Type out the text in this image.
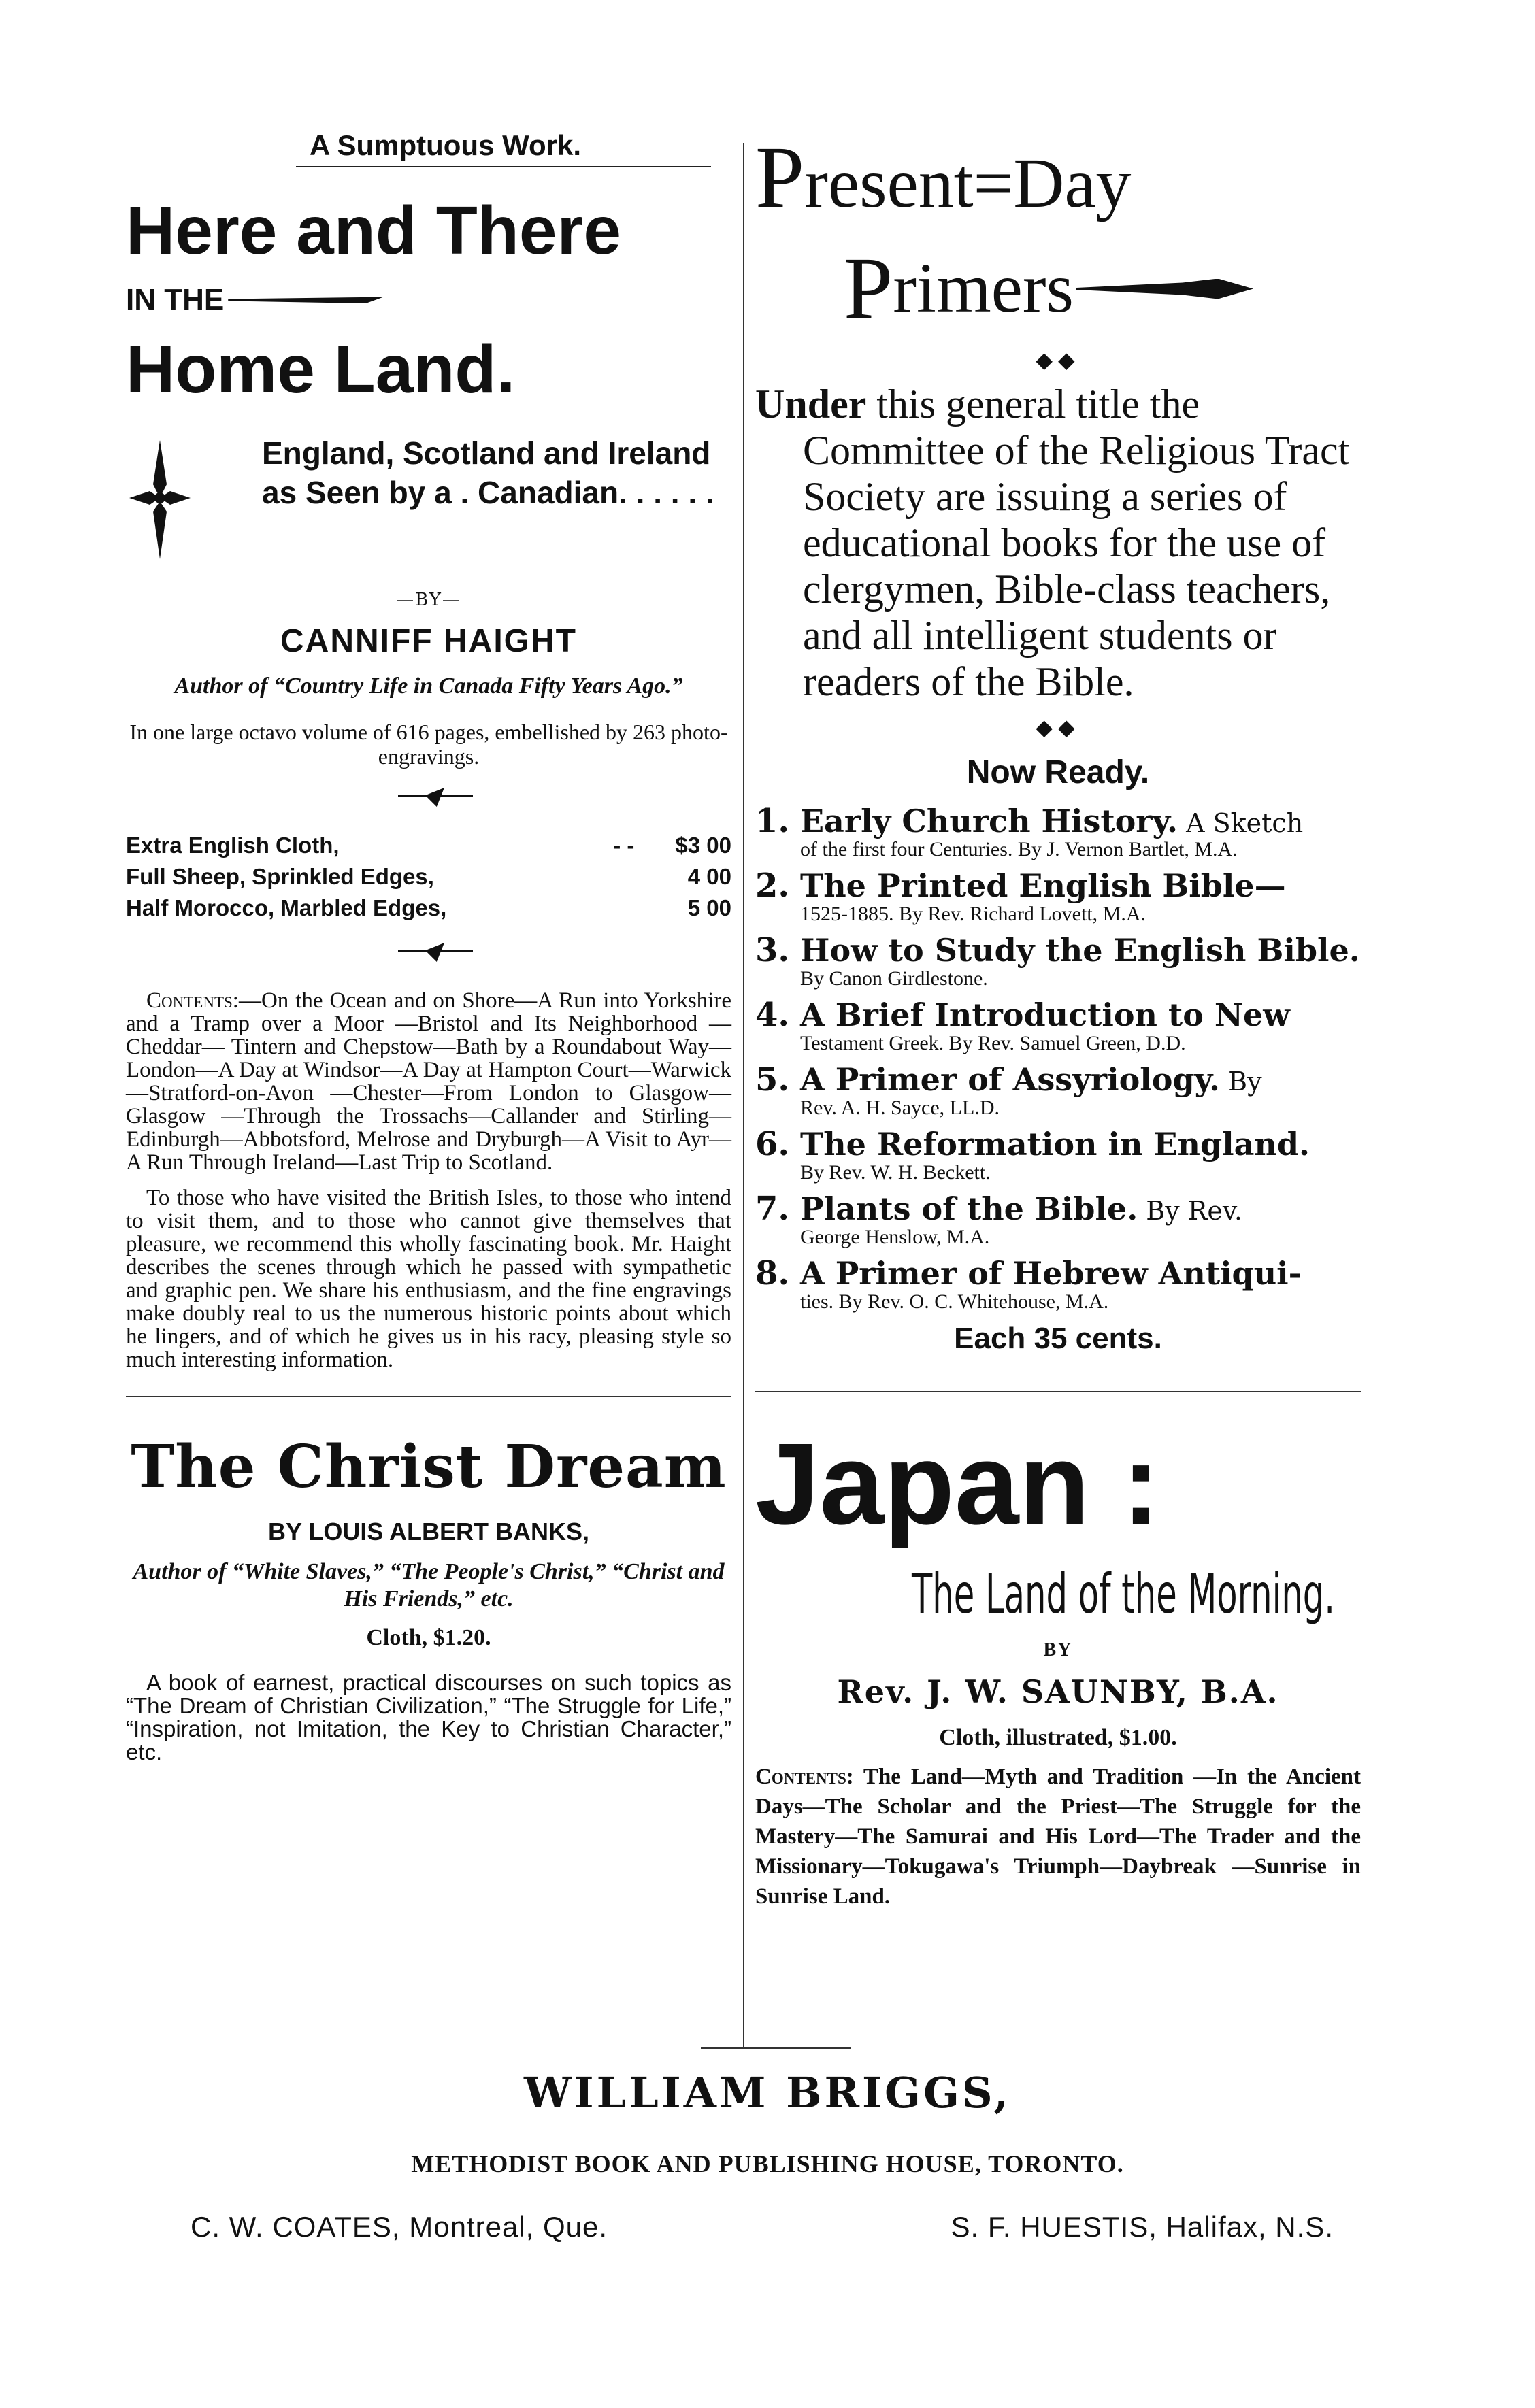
A Sumptuous Work.
Here and There
IN THE
Home Land.
England, Scotland and Ireland as Seen by a . Canadian. . . . . .
—BY—
CANNIFF HAIGHT
Author of “Country Life in Canada Fifty Years Ago.”
In one large octavo volume of 616 pages, embellished by 263 photo-engravings.
Extra English Cloth,	- - $3 00
Full Sheep, Sprinkled Edges,	4 00
Half Morocco, Marbled Edges,	5 00
Contents:—On the Ocean and on Shore—A Run into Yorkshire and a Tramp over a Moor —Bristol and Its Neighborhood — Cheddar— Tintern and Chepstow—Bath by a Roundabout Way—London—A Day at Windsor—A Day at Hampton Court—Warwick—Stratford-on-Avon —Chester—From London to Glasgow—Glasgow —Through the Trossachs—Callander and Stirling—Edinburgh—Abbotsford, Melrose and Dryburgh—A Visit to Ayr—A Run Through Ireland—Last Trip to Scotland.
To those who have visited the British Isles, to those who intend to visit them, and to those who cannot give themselves that pleasure, we recommend this wholly fascinating book. Mr. Haight describes the scenes through which he passed with sympathetic and graphic pen. We share his enthusiasm, and the fine engravings make doubly real to us the numerous historic points about which he lingers, and of which he gives us in his racy, pleasing style so much interesting information.
The Christ Dream
BY LOUIS ALBERT BANKS,
Author of “White Slaves,” “The People's Christ,” “Christ and His Friends,” etc.
Cloth, $1.20.
A book of earnest, practical discourses on such topics as “The Dream of Christian Civilization,” “The Struggle for Life,” “Inspiration, not Imitation, the Key to Christian Character,” etc.
Present=Day
P rimers
◆◆
Under this general title the Committee of the Religious Tract Society are issuing a series of educational books for the use of clergymen, Bible-class teachers, and all intelligent students or readers of the Bible.
◆◆
Now Ready.
1. Early Church History. A Sketch
of the first four Centuries. By J. Vernon Bartlet, M.A.
2. The Printed English Bible—
1525-1885. By Rev. Richard Lovett, M.A.
3. How to Study the English Bible.
By Canon Girdlestone.
4. A Brief Introduction to New
Testament Greek. By Rev. Samuel Green, D.D.
5. A Primer of Assyriology. By
Rev. A. H. Sayce, LL.D.
6. The Reformation in England.
By Rev. W. H. Beckett.
7. Plants of the Bible. By Rev.
George Henslow, M.A.
8. A Primer of Hebrew Antiqui-
ties. By Rev. O. C. Whitehouse, M.A.
Each 35 cents.
Japan :
The Land of the Morning.
BY
Rev. J. W. SAUNBY, B.A.
Cloth, illustrated, $1.00.
Contents: The Land—Myth and Tradition —In the Ancient Days—The Scholar and the Priest—The Struggle for the Mastery—The Samurai and His Lord—The Trader and the Missionary—Tokugawa's Triumph—Daybreak —Sunrise in Sunrise Land.
WILLIAM BRIGGS,
METHODIST BOOK AND PUBLISHING HOUSE, TORONTO.
C. W. COATES, Montreal, Que.	S. F. HUESTIS, Halifax, N.S.
